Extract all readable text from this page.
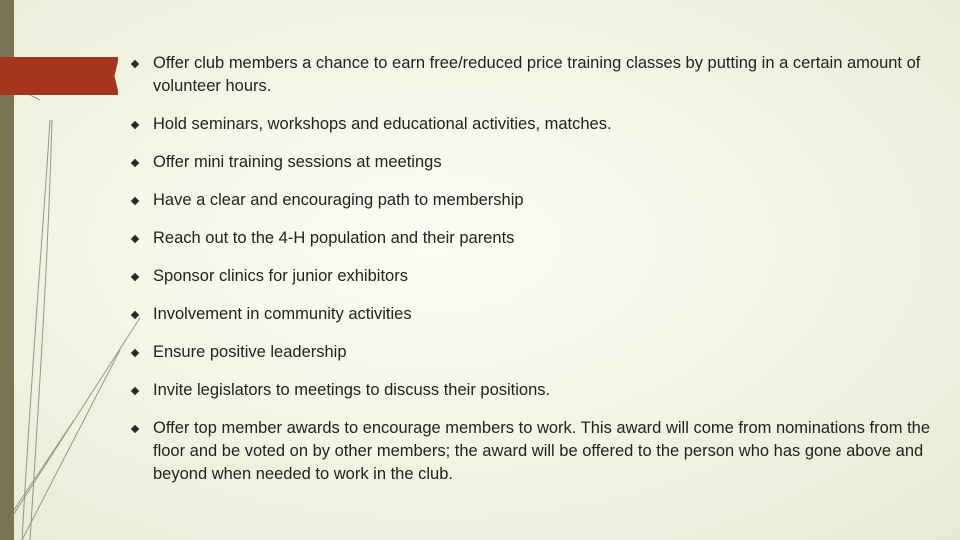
Offer club members a chance to earn free/reduced price training classes by putting in a certain amount of volunteer hours.
Hold seminars, workshops and educational activities, matches.
Offer mini training sessions at meetings
Have a clear and encouraging path to membership
Reach out to the 4-H population and their parents
Sponsor clinics for junior exhibitors
Involvement in community activities
Ensure positive leadership
Invite legislators to meetings to discuss their positions.
Offer top member awards to encourage members to work. This award will come from nominations from the floor and be voted on by other members; the award will be offered to the person who has gone above and beyond when needed to work in the club.
